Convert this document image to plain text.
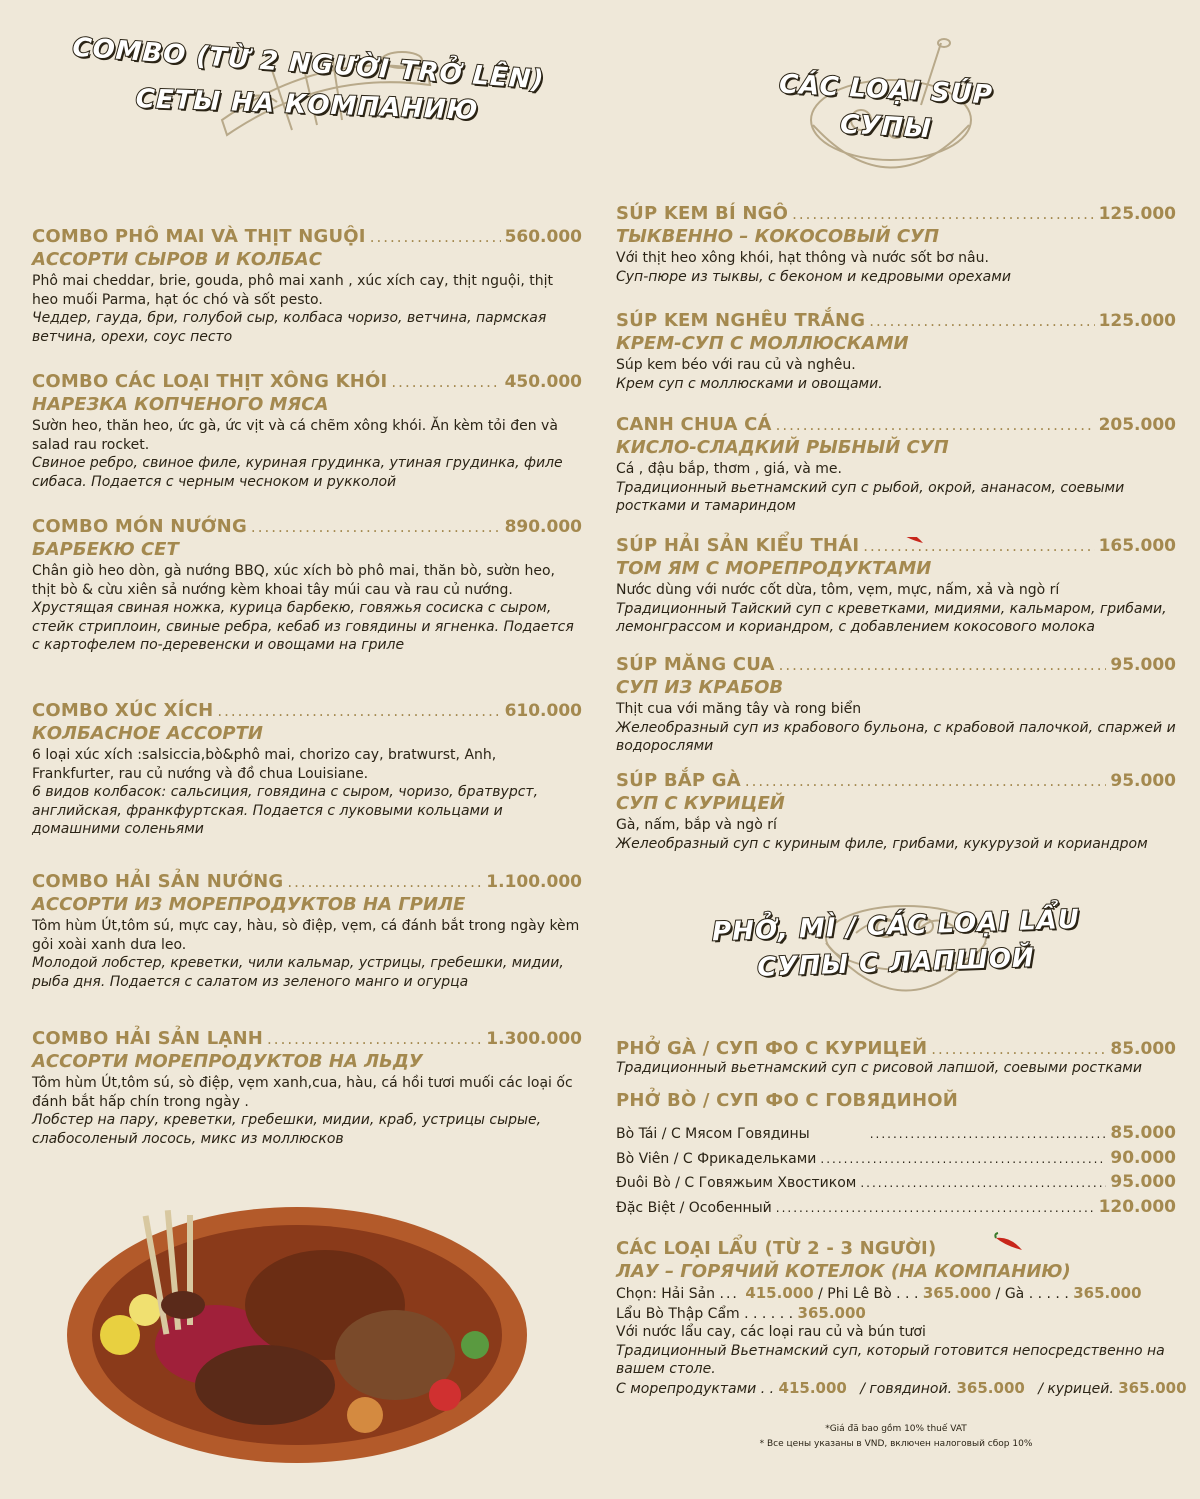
COMBO (TỪ 2 NGƯỜI TRỞ LÊN)
СЕТЫ НА КОМПАНИЮ
COMBO PHÔ MAI VÀ THỊT NGUỘI .....	560.000
АССОРТИ СЫРОВ И КОЛБАС
Phô mai cheddar, brie, gouda, phô mai xanh , xúc xích cay, thịt nguội, thịt heo muối Parma, hạt óc chó và sốt pesto.
Чеддер, гауда, бри, голубой сыр, колбаса чоризо, ветчина, пармская ветчина, орехи, соус песто
COMBO CÁC LOẠI THỊT XÔNG KHÓI .....	450.000
НАРЕЗКА КОПЧЕНОГО МЯСА
Sườn heo, thăn heo, ức gà, ức vịt và cá chẽm xông khói. Ăn kèm tỏi đen và salad rau rocket.
Свиное ребро, свиное филе, куриная грудинка, утиная грудинка, филе сибаса. Подается с черным чесноком и рукколой
COMBO MÓN NƯỚNG .....	890.000
БАРБЕКЮ СЕТ
Chân giò heo dòn, gà nướng BBQ, xúc xích bò phô mai, thăn bò, sườn heo, thịt bò & cừu xiên sả nướng kèm khoai tây múi cau và rau củ nướng.
Хрустящая свиная ножка, курица барбекю, говяжья сосиска с сыром, стейк стриплоин, свиные ребра, кебаб из говядины и ягненка. Подается с картофелем по-деревенски и овощами на гриле
COMBO XÚC XÍCH .....	610.000
КОЛБАСНОЕ АССОРТИ
6 loại xúc xích :salsiccia,bò&phô mai, chorizo cay, bratwurst, Anh, Frankfurter, rau củ nướng và đồ chua Louisiane.
6 видов колбасок: сальсиция, говядина с сыром, чоризо, братвурст, английская, франкфуртская. Подается с луковыми кольцами и домашними соленьями
COMBO HẢI SẢN NƯỚNG .....	1.100.000
АССОРТИ ИЗ МОРЕПРОДУКТОВ НА ГРИЛЕ
Tôm hùm Út,tôm sú, mực cay, hàu, sò điệp, vẹm, cá đánh bắt trong ngày kèm gỏi xoài xanh dưa leo.
Молодой лобстер, креветки, чили кальмар, устрицы, гребешки, мидии, рыба дня. Подается с салатом из зеленого манго и огурца
COMBO HẢI SẢN LẠNH .....	1.300.000
АССОРТИ МОРЕПРОДУКТОВ НА ЛЬДУ
Tôm hùm Út,tôm sú, sò điệp, vẹm xanh,cua, hàu, cá hồi tươi muối các loại ốc đánh bắt hấp chín trong ngày .
Лобстер на пару, креветки, гребешки, мидии, краб, устрицы сырые, слабосоленый лосось, микс из моллюсков
CÁC LOẠI SÚP
СУПЫ
SÚP KEM BÍ NGÔ .....	125.000
ТЫКВЕННО – КОКОСОВЫЙ СУП
Với thịt heo xông khói, hạt thông và nước sốt bơ nâu.
Суп-пюре из тыквы, с беконом и кедровыми орехами
SÚP KEM NGHÊU TRẮNG .....	125.000
КРЕМ-СУП С МОЛЛЮСКАМИ
Súp kem béo với rau củ và nghêu.
Крем суп с моллюсками и овощами.
CANH CHUA CÁ .....	205.000
КИСЛО-СЛАДКИЙ РЫБНЫЙ СУП
Cá , đậu bắp, thơm , giá, và me.
Традиционный вьетнамский суп с рыбой, окрой, ананасом, соевыми ростками и тамариндом
SÚP HẢI SẢN KIỂU THÁI .....	165.000
ТОМ ЯМ С МОРЕПРОДУКТАМИ
Nước dùng với nước cốt dừa, tôm, vẹm, mực, nấm, xả và ngò rí
Традиционный Тайский суп с креветками, мидиями, кальмаром, грибами, лемонграссом и кориандром, с добавлением кокосового молока
SÚP MĂNG CUA .....	95.000
СУП ИЗ КРАБОВ
Thịt cua với măng tây và rong biển
Желеобразный суп из крабового бульона, с крабовой палочкой, спаржей и водорослями
SÚP BẮP GÀ .....	95.000
СУП С КУРИЦЕЙ
Gà, nấm, bắp và ngò rí
Желеобразный суп с куриным филе, грибами, кукурузой и кориандром
PHỞ, MÌ / CÁC LOẠI LẨU
СУПЫ С ЛАПШОЙ
PHỞ GÀ / СУП ФО С КУРИЦЕЙ .....	85.000
Традиционный вьетнамский суп с рисовой лапшой, соевыми ростками
PHỞ BÒ / СУП ФО С ГОВЯДИНОЙ
Bò Tái / С Мясом Говядины .....	85.000
Bò Viên / С Фрикадельками .....	90.000
Đuôi Bò / С Говяжьим Хвостиком .....	95.000
Đặc Biệt / Особенный .....	120.000
CÁC LOẠI LẨU (TỪ 2 - 3 NGƯỜI)
ЛАУ – ГОРЯЧИЙ КОТЕЛОК (НА КОМПАНИЮ)
Chọn: Hải Sản ... 415.000 / Phi Lê Bò . . . 365.000 / Gà . . . . . 365.000
Lẩu Bò Thập Cẩm . . . . . . 365.000
Với nước lẩu cay, các loại rau củ và bún tươi
Традиционный Вьетнамский суп, который готовится непосредственно на вашем столе.
С морепродуктами . . 415.000 / говядиной. 365.000 / курицей. 365.000
*Giá đã bao gồm 10% thuế VAT
* Все цены указаны в VND, включен налоговый сбор 10%
